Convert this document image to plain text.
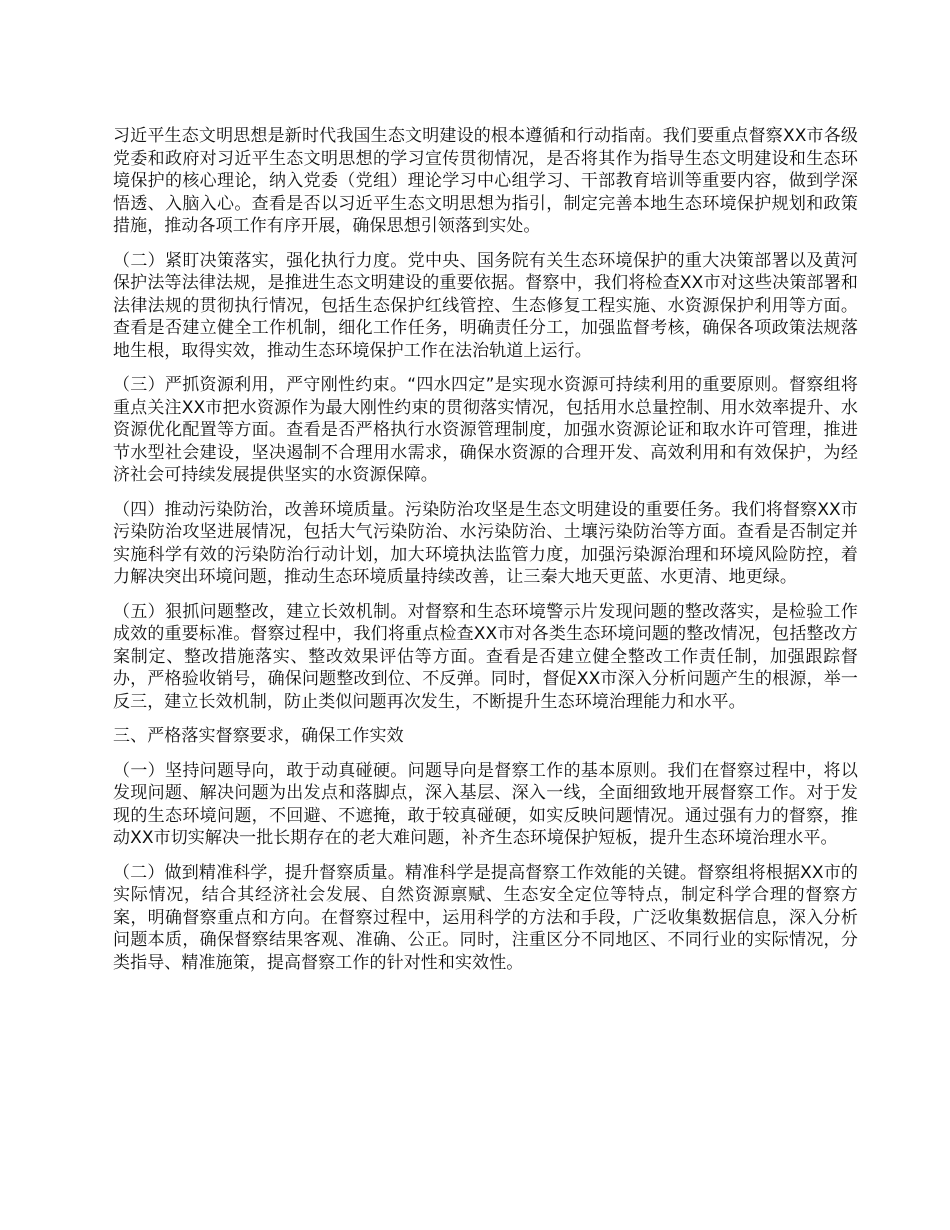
习近平生态文明思想是新时代我国生态文明建设的根本遵循和行动指南。我们要重点督察XX市各级党委和政府对习近平生态文明思想的学习宣传贯彻情况，是否将其作为指导生态文明建设和生态环境保护的核心理论，纳入党委（党组）理论学习中心组学习、干部教育培训等重要内容，做到学深悟透、入脑入心。查看是否以习近平生态文明思想为指引，制定完善本地生态环境保护规划和政策措施，推动各项工作有序开展，确保思想引领落到实处。

（二）紧盯决策落实，强化执行力度。党中央、国务院有关生态环境保护的重大决策部署以及黄河保护法等法律法规，是推进生态文明建设的重要依据。督察中，我们将检查XX市对这些决策部署和法律法规的贯彻执行情况，包括生态保护红线管控、生态修复工程实施、水资源保护利用等方面。查看是否建立健全工作机制，细化工作任务，明确责任分工，加强监督考核，确保各项政策法规落地生根，取得实效，推动生态环境保护工作在法治轨道上运行。

（三）严抓资源利用，严守刚性约束。“四水四定”是实现水资源可持续利用的重要原则。督察组将重点关注XX市把水资源作为最大刚性约束的贯彻落实情况，包括用水总量控制、用水效率提升、水资源优化配置等方面。查看是否严格执行水资源管理制度，加强水资源论证和取水许可管理，推进节水型社会建设，坚决遏制不合理用水需求，确保水资源的合理开发、高效利用和有效保护，为经济社会可持续发展提供坚实的水资源保障。

（四）推动污染防治，改善环境质量。污染防治攻坚是生态文明建设的重要任务。我们将督察XX市污染防治攻坚进展情况，包括大气污染防治、水污染防治、土壤污染防治等方面。查看是否制定并实施科学有效的污染防治行动计划，加大环境执法监管力度，加强污染源治理和环境风险防控，着力解决突出环境问题，推动生态环境质量持续改善，让三秦大地天更蓝、水更清、地更绿。

（五）狠抓问题整改，建立长效机制。对督察和生态环境警示片发现问题的整改落实，是检验工作成效的重要标准。督察过程中，我们将重点检查XX市对各类生态环境问题的整改情况，包括整改方案制定、整改措施落实、整改效果评估等方面。查看是否建立健全整改工作责任制，加强跟踪督办，严格验收销号，确保问题整改到位、不反弹。同时，督促XX市深入分析问题产生的根源，举一反三，建立长效机制，防止类似问题再次发生，不断提升生态环境治理能力和水平。

三、严格落实督察要求，确保工作实效

（一）坚持问题导向，敢于动真碰硬。问题导向是督察工作的基本原则。我们在督察过程中，将以发现问题、解决问题为出发点和落脚点，深入基层、深入一线，全面细致地开展督察工作。对于发现的生态环境问题，不回避、不遮掩，敢于较真碰硬，如实反映问题情况。通过强有力的督察，推动XX市切实解决一批长期存在的老大难问题，补齐生态环境保护短板，提升生态环境治理水平。

（二）做到精准科学，提升督察质量。精准科学是提高督察工作效能的关键。督察组将根据XX市的实际情况，结合其经济社会发展、自然资源禀赋、生态安全定位等特点，制定科学合理的督察方案，明确督察重点和方向。在督察过程中，运用科学的方法和手段，广泛收集数据信息，深入分析问题本质，确保督察结果客观、准确、公正。同时，注重区分不同地区、不同行业的实际情况，分类指导、精准施策，提高督察工作的针对性和实效性。
